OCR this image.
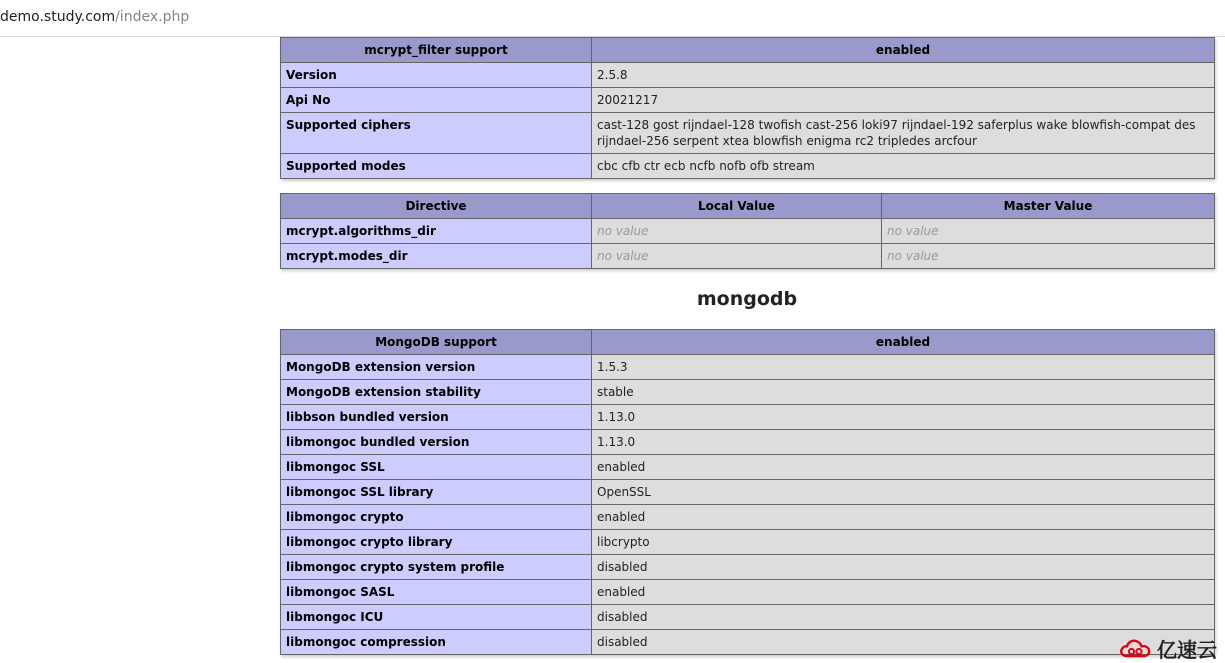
demo.study.com/index.php
mcrypt_filter support	enabled
Version	2.5.8
Api No	20021217
Supported ciphers	cast-128 gost rijndael-128 twofish cast-256 loki97 rijndael-192 saferplus wake blowfish-compat des rijndael-256 serpent xtea blowfish enigma rc2 tripledes arcfour
Supported modes	cbc cfb ctr ecb ncfb nofb ofb stream
Directive	Local Value	Master Value
mcrypt.algorithms_dir	no value	no value
mcrypt.modes_dir	no value	no value
mongodb
MongoDB support	enabled
MongoDB extension version	1.5.3
MongoDB extension stability	stable
libbson bundled version	1.13.0
libmongoc bundled version	1.13.0
libmongoc SSL	enabled
libmongoc SSL library	OpenSSL
libmongoc crypto	enabled
libmongoc crypto library	libcrypto
libmongoc crypto system profile	disabled
libmongoc SASL	enabled
libmongoc ICU	disabled
libmongoc compression	disabled	亿速云
